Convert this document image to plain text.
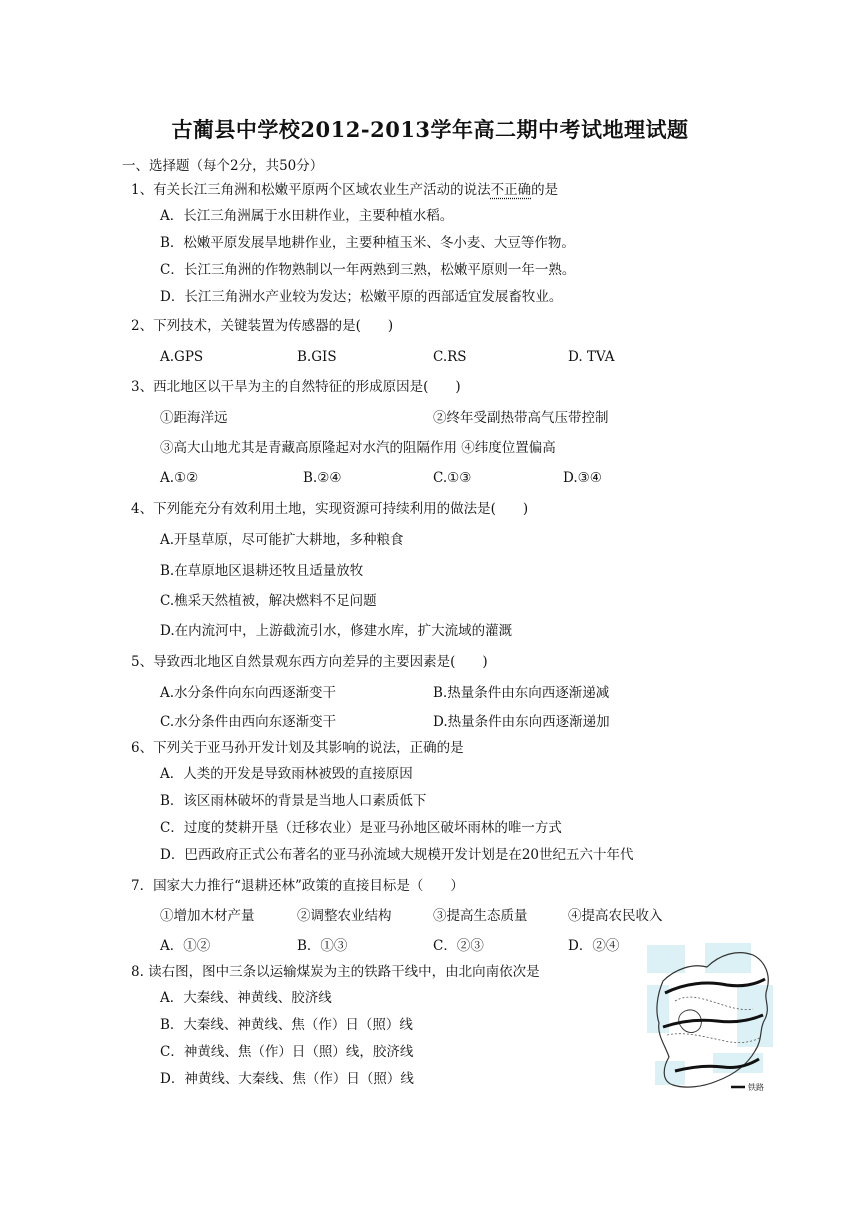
古蔺县中学校2012-2013学年高二期中考试地理试题
一、选择题（每个2分，共50分）
1、有关长江三角洲和松嫩平原两个区域农业生产活动的说法不正确的是
A．长江三角洲属于水田耕作业，主要种植水稻。
B．松嫩平原发展旱地耕作业，主要种植玉米、冬小麦、大豆等作物。
C．长江三角洲的作物熟制以一年两熟到三熟，松嫩平原则一年一熟。
D．长江三角洲水产业较为发达；松嫩平原的西部适宜发展畜牧业。
2、下列技术，关键装置为传感器的是(　　)
A.GPS	B.GIS	C.RS	D. TVA
3、西北地区以干旱为主的自然特征的形成原因是(　　)
①距海洋远	②终年受副热带高气压带控制
③高大山地尤其是青藏高原隆起对水汽的阻隔作用 ④纬度位置偏高
A.①②	B.②④	C.①③	D.③④
4、下列能充分有效利用土地，实现资源可持续利用的做法是(　　)
A.开垦草原，尽可能扩大耕地，多种粮食
B.在草原地区退耕还牧且适量放牧
C.樵采天然植被，解决燃料不足问题
D.在内流河中，上游截流引水，修建水库，扩大流域的灌溉
5、导致西北地区自然景观东西方向差异的主要因素是(　　)
A.水分条件向东向西逐渐变干	B.热量条件由东向西逐渐递减
C.水分条件由西向东逐渐变干	D.热量条件由东向西逐渐递加
6、下列关于亚马孙开发计划及其影响的说法，正确的是
A．人类的开发是导致雨林被毁的直接原因
B．该区雨林破坏的背景是当地人口素质低下
C．过度的焚耕开垦（迁移农业）是亚马孙地区破坏雨林的唯一方式
D．巴西政府正式公布著名的亚马孙流域大规模开发计划是在20世纪五六十年代
7．国家大力推行“退耕还林”政策的直接目标是（　　）
①增加木材产量	②调整农业结构	③提高生态质量	④提高农民收入
A．①②	B．①③	C．②③	D．②④
8. 读右图，图中三条以运输煤炭为主的铁路干线中，由北向南依次是
A．大秦线、神黄线、胶济线
B．大秦线、神黄线、焦（作）日（照）线
C．神黄线、焦（作）日（照）线，胶济线
D．神黄线、大秦线、焦（作）日（照）线
铁路
